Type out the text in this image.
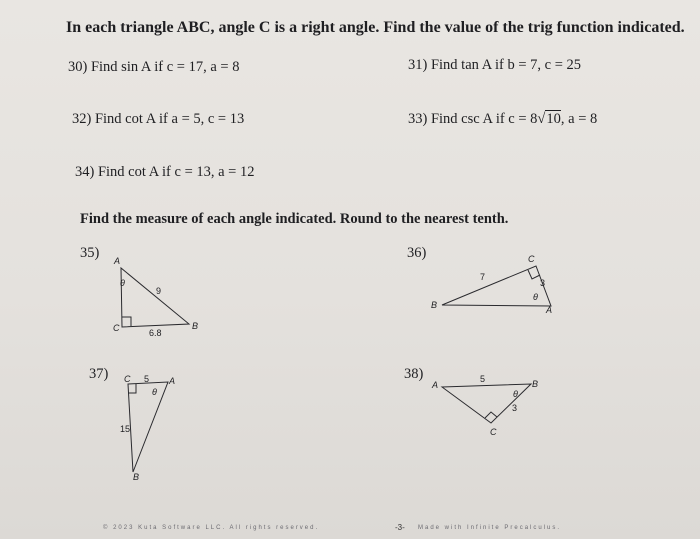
In each triangle ABC, angle C is a right angle. Find the value of the trig function indicated.
Find the measure of each angle indicated. Round to the nearest tenth.
30) Find sin A if c = 17, a = 8	31) Find tan A if b = 7, c = 25
32) Find cot A if a = 5, c = 13	33) Find csc A if c = 8√10, a = 8
34) Find cot A if c = 13, a = 12
35)	36)
37)	38)
A
θ
9
C	6.8
B
C
7
3
θ
B	A
C 5 A
θ
15
B
A
5	B
θ
3
C
© 2023 Kuta Software LLC. All rights reserved.	-3- Made with Infinite Precalculus.
